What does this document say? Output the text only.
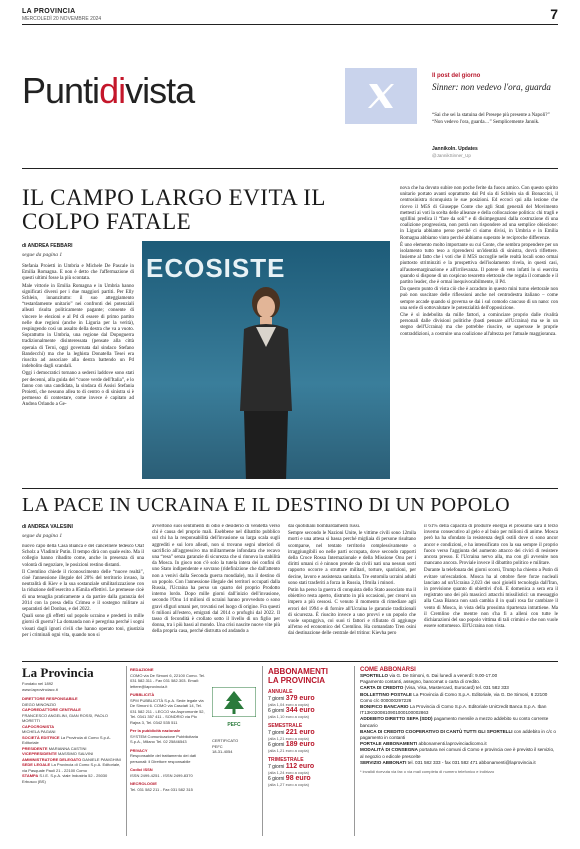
LA PROVINCIA
MERCOLEDÌ 20 NOVEMBRE 2024	7
Puntidivista	Il post del giorno
Sinner: non vedevo l'ora, guarda
“Sai che sei la statuina del Presepe più presente a Napoli?” “Non vedevo l'ora, guarda…” Semplicemente Jannik.
JannikoIn. Updates
@JannikSinner_Up
IL CAMPO LARGO EVITA IL COLPO FATALE
di ANDREA FEBBARI
segue da pagina 1

Stefania Proietti in Umbria e Michele De Pascale in Emilia Romagna. E non è detto che l'affermazione di questi ultimi fosse la più scontata.

Male vittorie in Emilia Romagna e in Umbria hanno significati diversi per i due maggiori partiti. Per Elly Schlein, innanzitutto: il suo atteggiamento “testardamente unitario” nei confronti dei potenziali alleati risulta politicamente pagante; consente di vincere le elezioni e al Pd di essere di primo partito nelle due regioni (anche in Liguria per la verità), respingendo così un assalto della destra che va a vuoto. Soprattutto in Umbria, una regione dal Dopoguerra tradizionalmente disinteressata (pensate alla città operaia di Terni, oggi governata dal sindaco Stefano Bandecchi) ma che la leghista Donatella Tesei era riuscita ad associare alla destra battendo un Pd indebolito dagli scandali.

Oggi i democratici tornano a sedersi laddove sono stati per decenni, alla guida del “cuore verde dell'Italia”, e lo fanno con una candidata, la sindaca di Assisi Stefania Proietti, che nessuno allea to di centro o di sinistra si è permesso di contestare, come invece è capitato ad Andrea Orlando a Ge-

ECOSISTE

nova che ha dovuto subire non poche ferite da fuoco amico. Con questo spirito unitario portato avanti soprattutto dal Pd sia di Schlein sia di Bonaccini, il centrosinistra riconquista le sue posizioni. Ed eccoci qui alla lezione che ricevo il M5S di Giuseppe Conte che agli Stati generali del Movimento mettesti ai voti la scelta delle alleanze e della collocazione politica: chi tragli e sgrillini predica il “fare da soli” e di disimpegnarsi dalla costruzione di una coalizione progressista, non potrà non rispondere ad una semplice obiezione: in Liguria abbiamo perso perché ci siamo divisi, in Umbria e in Emilia Romagna abbiamo vinto perché abbiamo superato le reciproche differenze.

È uno elemento molto importante su cui Conte, che sembra propendere per un isolamento tutto teso a riprendersi un'identità di sinistra, dovrà riflettere. Insieme al fatto che i voti che il M5S raccoglie nelle realtà locali sono ormai piuttosto striminziti e la prospettiva dell'isolamento rivela, in questi casi, all'autoemarginazione e all'irrilevanza. Il potere di veto infatti lo si esercita quando si dispone di un cospicuo tesoretto elettorale che regala il comando e il partito leader, che è ormai inequivocabilmente, il Pd.

Da questo punto di vista ciò che è accaduto in questo mini turno elettorale non può non suscitare delle riflessioni anche nel centrodestra italiano – come sempre accade quando si governa se dai i sul comodo caucuso di un nano: con una serie di sottovalutare le potenzialità dell'opposizione.

Che è sì indebolita da mille fattori, a cominciare proprio dalle rivalità personali dalle divisioni politiche (basti pensare all'Ucraina) ma se in un stegno dell'Ucraina) ma che potrebbe riuscire, se saperssse le proprie contraddizioni, a costruire una coalizione all'altezza per l'attuale maggioranza.

LA PACE IN UCRAINA E IL DESTINO DI UN POPOLO
di ANDREA VALESINI
segue da pagina 1

nuovo capo della Casa Bianca e del cancelliere tedesco Olaf Scholz a Vladimir Putin. Il tempo dirà con quale esito. Ma il collegio hanno ribadito come, anche in presenza di una volontà di negoziare, le posizioni restino distanti.

Il Cremlino chiede il riconoscimento delle “nuove realtà”, cioè l'annessione illegale del 20% del territorio invaso, la neutralità di Kiev e la sua sostanziale smilitarizzazione con la riduzione dell'esercito a 85mila effettivi. Le premesse cioè di una tenaglia praticamente a da partire dalla garanzia del 2014 con la presa della Crimea e il sostegno militare ai separatisti del Donbas, e del 2022.

Quali sono gli effetti sul popolo ucraino e predetti in mille giorni di guerra? La domanda non è peregrina perché i sogni vissuti dagli ignoti civili che hanno operato toni, giustizia per i criminali ogni vita, quando non si

avvertono suoi sentimenti di odio e desiderio di vendetta verso chi è causa del proprio mali. Esebbene nel dibattito pubblico sul chi ha la responsabilità dell'invasione su larga scala sugli aggrediti e sui loro alleati, non si trovano segni ulteriori di sacrificio all'aggressivo ma militarmente infondata che recavo una “resa” senza garanzie di sicurezza che si rinnova la stabilità da Mosca. In gioco non c'è solo la tutela intera dei confini di uno Stato indipendente e sovrano (ridefinizione che dall'attento non a venivi dalla Seconda guerra mondiale), ma il destino di un popolo. Con l'annessione illegale dei territori occupati dalla Russia, l'Ucraina ha perso un quarto del proprio Prodotto interno lordo. Dopo mille giorni dall'inizio dell'invasione, secondo l'Onu 14 milioni di ucraini hanno provveduto o sono gravi sfiguri umani per, trovatisi nel luogo di origine. Fra questi 6 milioni all'estero, emigrati dal 2014 o profughi dal 2022. Il tasso di fecondità è crollato sotto il livello di un figlio per donna, tra i più bassi al mondo. Una crisi nascite nuove vite più della propria casa, perché distrutta od andando a

dai quotidiani bombardamenti russi.

Sempre secondo le Nazioni Unite, le vittime civili sono 12mila morti e una attesa si bassa perché migliaia di persone risultano scomparse, nel tentato territorio complessivamente o irraggiungibili oo nelle parti occupata, dove secondo rapporti della Croce Rossa Internazionale e della Missione Onu per i diritti umani ci è ninnon prende da civili nati una nessun sorti rapporto occorre a strutture militari, torture, sparizioni, per decine, lavoro e assistenza sanitaria. Tre entomila ucraini adulti sono stati trasferiti a forza in Russia, 19mila i minori.

Putin ha perso la guerra di conquista dello Stato associato ma il obiettivo resta aperto, distrutto in più occasioni, per crearvi un impero a più cessosi. C venuto il momento di rimediare agli errori del 1994 e di fornire all'Ucraina le garanzie tradizionali di sicurezza. È riuscito invece a uno provvi e un popolo che vuole sopraggiva, coi suoi ti fattori e rifiutato di aggiunge all'etno ed economico del Cremlino. Ha comandato Tren osini dai destinazione delle centrale del tritino: Kievha pero

il 61% della capacità di produrre energia el prossimo sarà il terzo inverno consecutivo al gelo e al buio per milioni di anime. Mosca però ha ha sfondato la resistenza degli ostili dove ci sono ancor ancor e condizioni, e ha intensificato con la sua sempre il proprio fuoco verso l'aggiunta del aumento attacco dei civici di resistere ancora presso. E l'Ucraina nervo alla, ma con gli avvenire non mancano ancora. Proviale invece il dibattito politico e militare.

Durante la telefonata dei giorni scorsi, Trump ha chiesto a Putin di evitare un'escalation. Mosca ha al ottobre fiere forze nucleali lanciato ad un'Ucraina 2,023 dei suoi gioielli tecnologia dall'Iran, in previsione quanto di obiettivi d'oli. E domenica a sera era il registrato uno dei più massicci attacchi missilistici: un messaggio alla Casa Bianca non sarà cambia il in quali rosa far cambiare il vento di Mosca, in vista della prossima ripartenza intrattiene. Ma il Cremlino che mentre non s'ha fi a alleni con tutte le dichiarazioni del suo popolo vittima di tali crimini e che non vuole essere sottomesso. Ell'Ucraina non vista.

La Provincia
Fondato nel 1892
www.laprovinciacc.it
DIRETTORE RESPONSABILE
DIEGO MINONZIO
CAPOREDATTORE CENTRALE
FRANCESCO ANGELINI, GIAN ROSSI, PAOLO MORETTI
CAPOCRONISTA
MICHELA PAGANI
SOCIETÀ EDITRICE La Provincia di Como S.p.A. Editoriale
PRESIDENTE MARIANNA CASTINI
VICEPRESIDENTE MASSIMO SALVINI
AMMINISTRATORE DELEGATO DANIELE PANIGHINI
SEDE LEGALE La Provincia di Como S.p.A. Editoriale, via Pasquale Paoli 21 - 22100 Como
STAMPA S.I.E. S.p.A. viale Industria 52 - 25030 Erbusco (BS)
REDAZIONE
COMO via De Simoni 6, 22100 Como. Tel. 031 582.311 - Fax 031 582.303. Email: lettere@laprovincia.it
PUBBLICITÀ
SPM PUBBLICITÀ S.p.A. Sede legale via De Simoni 6. COMO via Casciati 14, Tel. 031 582 211 - LECCO via Aspromonte 52, Tel. 0341 357 411 - SONDRIO via Pio Rajna 3, Tel. 0342 535 511
Per la pubblicità nazionale
SYSTEM Comunicazione Pubblicitaria S.p.A., Milano Tel. 02 25846543
PRIVACY
Responsabile del trattamento dei dati personali: il Direttore responsabile
Codici ISSN
ISSN 2499-4251 - ISSN 2499-8370
NECROLOGIE
Tel. 031 582 211 - Fax 031 582 315
PEFC
CERTIFICATO
PEFC
18-31-4054
ABBONAMENTI
LA PROVINCIA
ANNUALE
7 giorni 379 euro
(alla 1,04 euro a copia)
6 giorni 344 euro
(alla 1,10 euro a copia)
SEMESTRALE
7 giorni 221 euro
(alla 1,21 euro a copia)
6 giorni 189 euro
(alla 1,21 euro a copia)
TRIMESTRALE
7 giorni 112 euro
(alla 1,24 euro a copia)
6 giorni 98 euro
(alla 1,27 euro a copia)
COME ABBONARSI
SPORTELLO via G. De Simoni, 6. Dai lunedì a venerdì: 9.00-17.00
Pagamento contanti, assegno, bancomat o carta di credito.
CARTA DI CREDITO (Visa, Visa, Mastercard, Eurocard) tel. 031 582 333
BOLLETTINO POSTALE La Provincia di Como S.p.A. Editoriale, via G. De Simoni, 6 22100 Como c/c 000000297226
BONIFICO BANCARIO La Provincia di Como S.p.A. Editoriale UniCredit Banca S.p.A. Iban IT13K0200810901000100002863
ADDEBITO DIRETTO SEPA (SDD) pagamento mensile a mezzo addebito su conto corrente bancario
BANCA DI CREDITO COOPERATIVO DI CANTÙ TUTTI GLI SPORTELLI con addebito in c/c o pagamento in contanti
PORTALE ABBONAMENTI abbonamenti.laprovinciadicomo.it
MODALITÀ DI CONSEGNA portatura nei comuni di Como e provincia ove è previsto il servizio, al negozio o edicole prescelte
SERVIZIO ABBONATI tel. 031 582 333 - fax 031 582 471 abbonamenti@laprovincia.it
* invalidi ricevuta via fax o via mail completa di numero telefonico e indirizzo
